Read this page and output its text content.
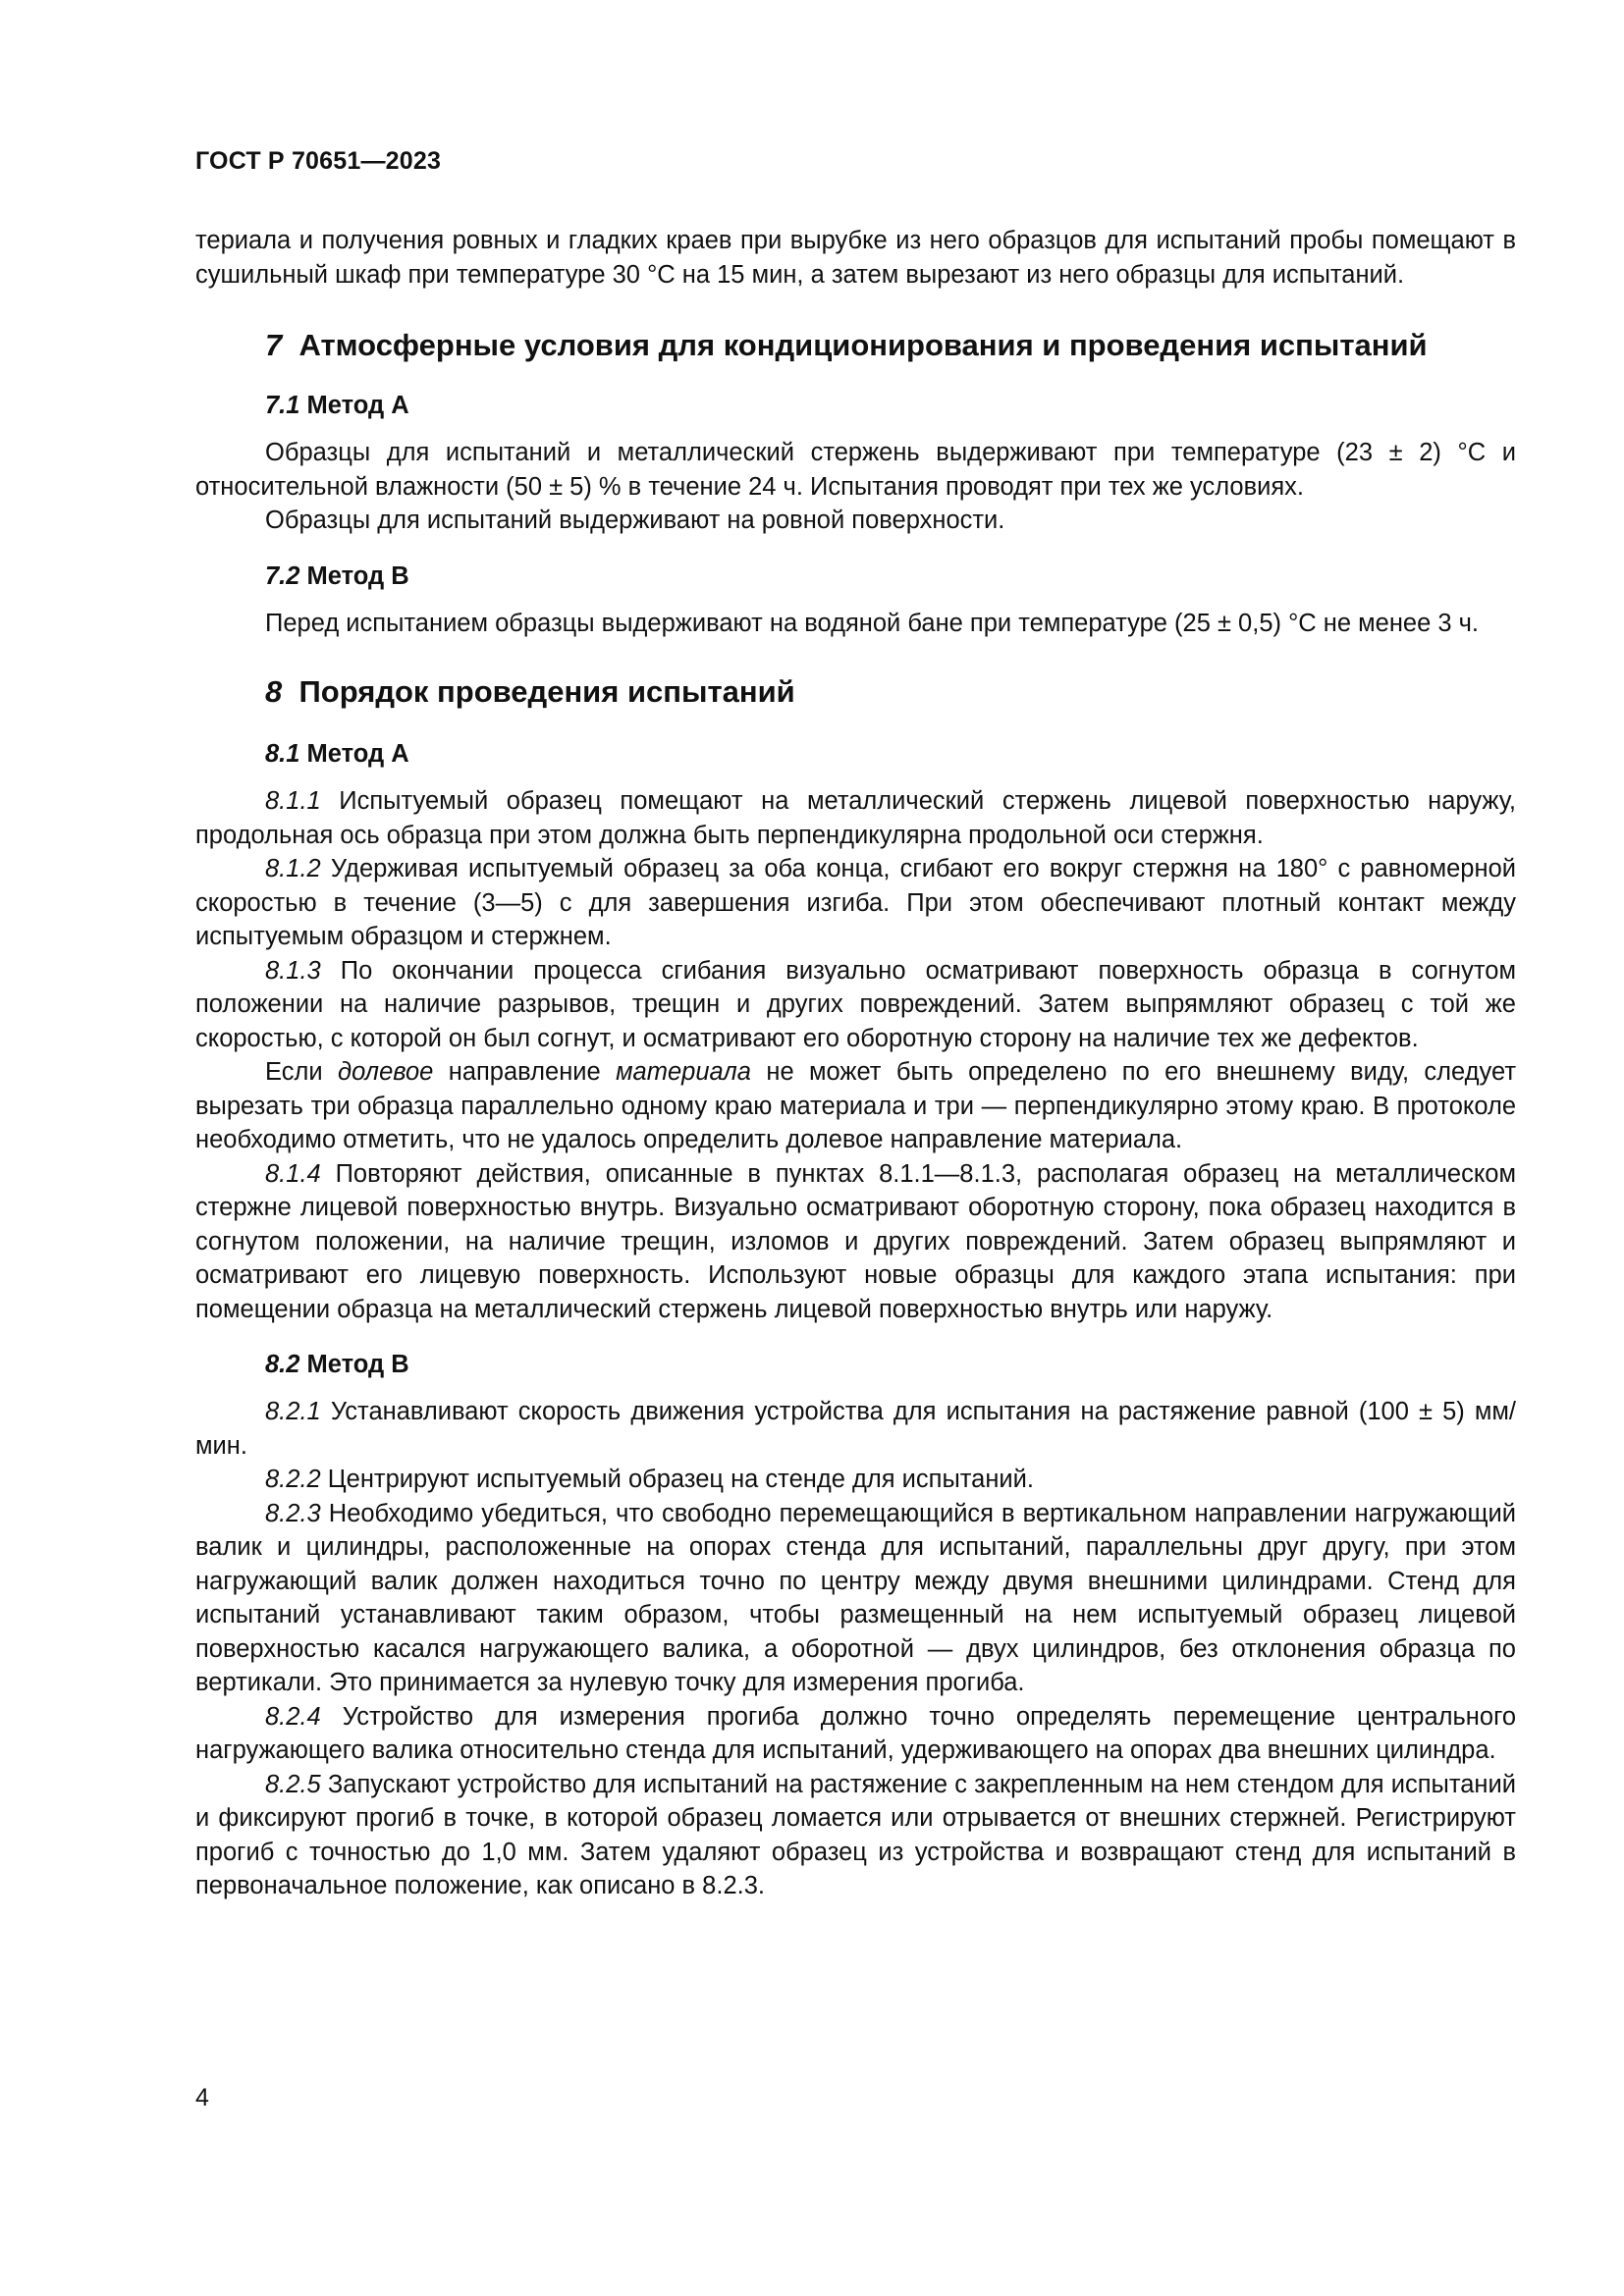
ГОСТ Р 70651—2023

териала и получения ровных и гладких краев при вырубке из него образцов для испытаний пробы помещают в сушильный шкаф при температуре 30 °С на 15 мин, а затем вырезают из него образцы для испытаний.

7 Атмосферные условия для кондиционирования и проведения испытаний
7.1 Метод А

Образцы для испытаний и металлический стержень выдерживают при температуре (23 ± 2) °С и относительной влажности (50 ± 5) % в течение 24 ч. Испытания проводят при тех же условиях.

Образцы для испытаний выдерживают на ровной поверхности.

7.2 Метод В

Перед испытанием образцы выдерживают на водяной бане при температуре (25 ± 0,5) °С не менее 3 ч.

8 Порядок проведения испытаний
8.1 Метод А

8.1.1 Испытуемый образец помещают на металлический стержень лицевой поверхностью наружу, продольная ось образца при этом должна быть перпендикулярна продольной оси стержня.

8.1.2 Удерживая испытуемый образец за оба конца, сгибают его вокруг стержня на 180° с равномерной скоростью в течение (3—5) с для завершения изгиба. При этом обеспечивают плотный контакт между испытуемым образцом и стержнем.

8.1.3 По окончании процесса сгибания визуально осматривают поверхность образца в согнутом положении на наличие разрывов, трещин и других повреждений. Затем выпрямляют образец с той же скоростью, с которой он был согнут, и осматривают его оборотную сторону на наличие тех же дефектов.

Если долевое направление материала не может быть определено по его внешнему виду, следует вырезать три образца параллельно одному краю материала и три — перпендикулярно этому краю. В протоколе необходимо отметить, что не удалось определить долевое направление материала.

8.1.4 Повторяют действия, описанные в пунктах 8.1.1—8.1.3, располагая образец на металлическом стержне лицевой поверхностью внутрь. Визуально осматривают оборотную сторону, пока образец находится в согнутом положении, на наличие трещин, изломов и других повреждений. Затем образец выпрямляют и осматривают его лицевую поверхность. Используют новые образцы для каждого этапа испытания: при помещении образца на металлический стержень лицевой поверхностью внутрь или наружу.

8.2 Метод В

8.2.1 Устанавливают скорость движения устройства для испытания на растяжение равной (100 ± 5) мм/мин.

8.2.2 Центрируют испытуемый образец на стенде для испытаний.

8.2.3 Необходимо убедиться, что свободно перемещающийся в вертикальном направлении нагружающий валик и цилиндры, расположенные на опорах стенда для испытаний, параллельны друг другу, при этом нагружающий валик должен находиться точно по центру между двумя внешними цилиндрами. Стенд для испытаний устанавливают таким образом, чтобы размещенный на нем испытуемый образец лицевой поверхностью касался нагружающего валика, а оборотной — двух цилиндров, без отклонения образца по вертикали. Это принимается за нулевую точку для измерения прогиба.

8.2.4 Устройство для измерения прогиба должно точно определять перемещение центрального нагружающего валика относительно стенда для испытаний, удерживающего на опорах два внешних цилиндра.

8.2.5 Запускают устройство для испытаний на растяжение с закрепленным на нем стендом для испытаний и фиксируют прогиб в точке, в которой образец ломается или отрывается от внешних стержней. Регистрируют прогиб с точностью до 1,0 мм. Затем удаляют образец из устройства и возвращают стенд для испытаний в первоначальное положение, как описано в 8.2.3.

4
